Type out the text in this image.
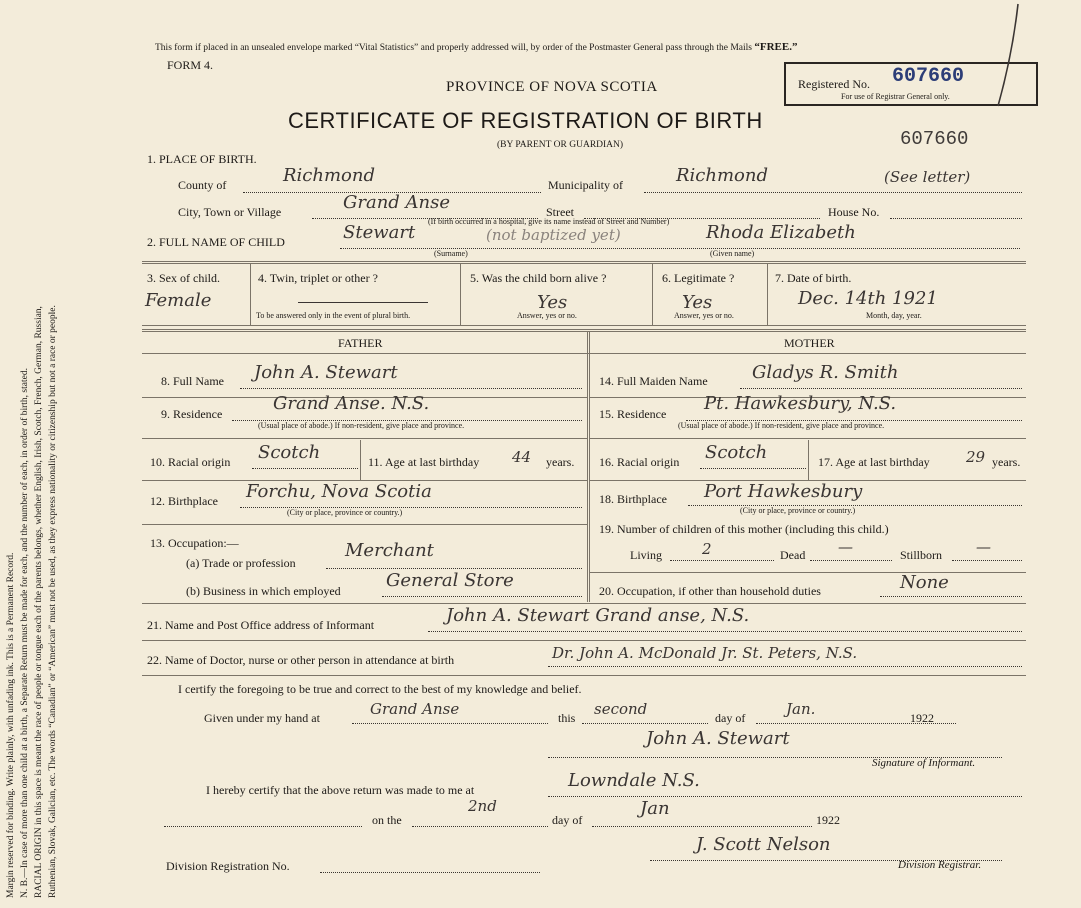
Margin reserved for binding. Write plainly, with unfading ink. This is a Permanent Record. N. B.—In case of more than one child at a birth, a Separate Return must be made for each, and the number of each, in order of birth, stated. RACIAL ORIGIN in this space is meant the race of people or tongue each of the parents belongs, whether English, Irish, Scotch, French, German, Russian, Ruthenian, Slovak, Galician, etc. The words “Canadian” or “American” must not be used, as they express nationality or citizenship but not a race or people.
This form if placed in an unsealed envelope marked “Vital Statistics” and properly addressed will, by order of the Postmaster General pass through the Mails “FREE.”
FORM 4.
PROVINCE OF NOVA SCOTIA
CERTIFICATE OF REGISTRATION OF BIRTH
(BY PARENT OR GUARDIAN)
Registered No. 607660
For use of Registrar General only.
607660
1. PLACE OF BIRTH.
County of	Richmond	Municipality of	Richmond	(See letter)
City, Town or Village	Grand Anse	Street
(If birth occurred in a hospital, give its name instead of Street and Number)
House No.
2. FULL NAME OF CHILD	Stewart	(not baptized yet)	Rhoda Elizabeth
(Surname)	(Given name)
3. Sex of child.
Female
4. Twin, triplet or other ?
To be answered only in the event of plural birth.
5. Was the child born alive ?
Yes
Answer, yes or no.
6. Legitimate ?
Yes
Answer, yes or no.
7. Date of birth.
Dec. 14th 1921
Month, day, year.
FATHER	MOTHER
8. Full Name John A. Stewart
9. Residence	Grand Anse. N.S.
(Usual place of abode.) If non-resident, give place and province.
10. Racial origin Scotch	11. Age at last birthday 44 years.
12. Birthplace Forchu, Nova Scotia
(City or place, province or country.)
13. Occupation:—
(a) Trade or profession
Merchant
(b) Business in which employed	General Store
14. Full Maiden Name Gladys R. Smith
15. Residence Pt. Hawkesbury, N.S.
(Usual place of abode.) If non-resident, give place and province.
16. Racial origin Scotch	17. Age at last birthday 29 years.
18. Birthplace Port Hawkesbury
(City or place, province or country.)
19. Number of children of this mother (including this child.)
Living	2	Dead —	Stillborn —
20. Occupation, if other than household duties	None
21. Name and Post Office address of Informant	John A. Stewart Grand anse, N.S.
22. Name of Doctor, nurse or other person in attendance at birth	Dr. John A. McDonald Jr. St. Peters, N.S.
I certify the foregoing to be true and correct to the best of my knowledge and belief.
Given under my hand at	Grand Anse	this second	day of	Jan.	1922
John A. Stewart
Signature of Informant.
I hereby certify that the above return was made to me at	Lowndale N.S.
on the
2nd
day of
Jan
1922
Division Registration No.
J. Scott Nelson
Division Registrar.
